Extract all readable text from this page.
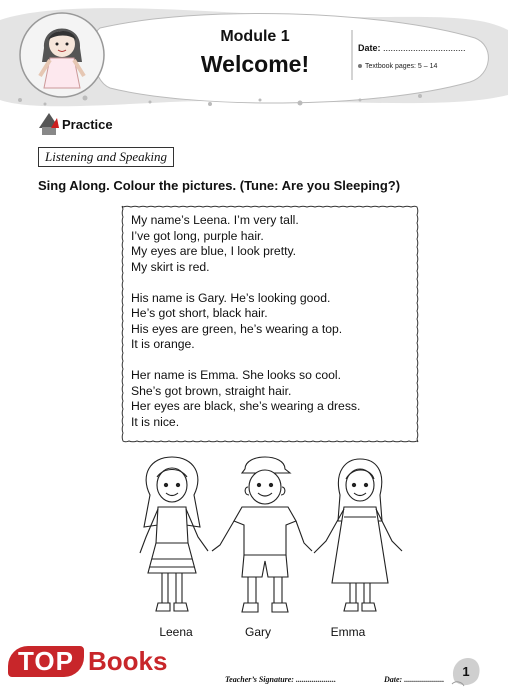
Module 1
Welcome!
Date: .................................
Textbook pages: 5 – 14
Practice
Listening and Speaking
Sing Along. Colour the pictures. (Tune: Are you Sleeping?)
My name’s Leena. I’m very tall.
I’ve got long, purple hair.
My eyes are blue, I look pretty.
My skirt is red.
His name is Gary. He’s looking good.
He’s got short, black hair.
His eyes are green, he’s wearing a top.
It is orange.
Her name is Emma. She looks so cool.
She’s got brown, straight hair.
Her eyes are black, she’s wearing a dress.
It is nice.
Leena	Gary	Emma
Teacher’s Signature: ....................	Date: ....................
1
TOP Books
